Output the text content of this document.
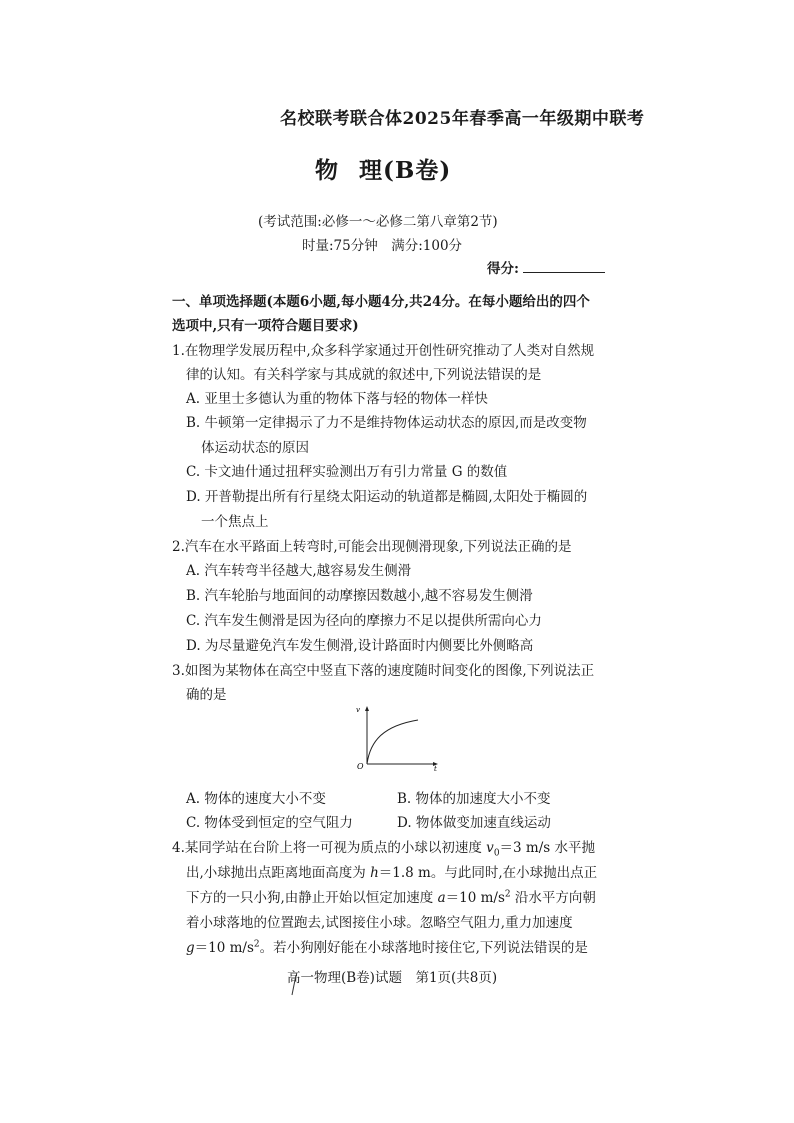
名校联考联合体2025年春季高一年级期中联考
物 理(B卷)
(考试范围:必修一～必修二第八章第2节)
时量:75分钟　满分:100分
得分:
一、单项选择题(本题6小题,每小题4分,共24分。在每小题给出的四个
选项中,只有一项符合题目要求)
1.在物理学发展历程中,众多科学家通过开创性研究推动了人类对自然规
律的认知。有关科学家与其成就的叙述中,下列说法错误的是
A. 亚里士多德认为重的物体下落与轻的物体一样快
B. 牛顿第一定律揭示了力不是维持物体运动状态的原因,而是改变物
体运动状态的原因
C. 卡文迪什通过扭秤实验测出万有引力常量 G 的数值
D. 开普勒提出所有行星绕太阳运动的轨道都是椭圆,太阳处于椭圆的
一个焦点上
2.汽车在水平路面上转弯时,可能会出现侧滑现象,下列说法正确的是
A. 汽车转弯半径越大,越容易发生侧滑
B. 汽车轮胎与地面间的动摩擦因数越小,越不容易发生侧滑
C. 汽车发生侧滑是因为径向的摩擦力不足以提供所需向心力
D. 为尽量避免汽车发生侧滑,设计路面时内侧要比外侧略高
3.如图为某物体在高空中竖直下落的速度随时间变化的图像,下列说法正
确的是
v
t
O
A. 物体的速度大小不变	B. 物体的加速度大小不变
C. 物体受到恒定的空气阻力	D. 物体做变加速直线运动
4.某同学站在台阶上将一可视为质点的小球以初速度 $v_0=3$ m/s 水平抛
出,小球抛出点距离地面高度为 h＝1.8 m。与此同时,在小球抛出点正
下方的一只小狗,由静止开始以恒定加速度 a＝10 $m/s^2$ 沿水平方向朝
着小球落地的位置跑去,试图接住小球。忽略空气阻力,重力加速度
g＝10 $m/s^2$。若小狗刚好能在小球落地时接住它,下列说法错误的是
高一物理(B卷)试题　第1页(共8页)
